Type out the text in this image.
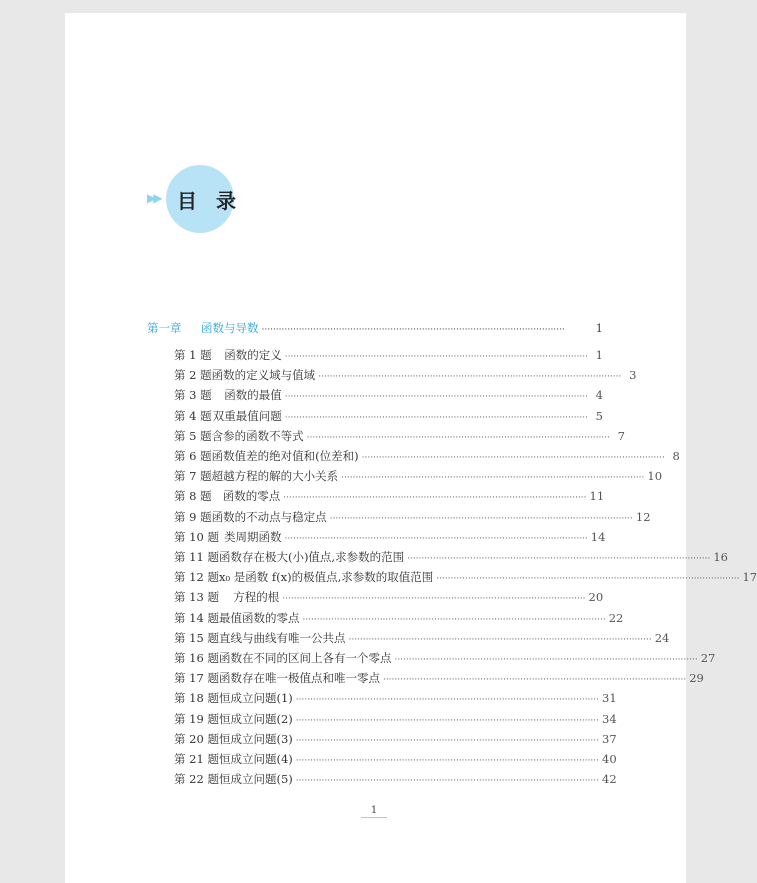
▶▶ 目 录
第一章	函数与导数 ··········································································································	1
第 1 题	函数的定义 ·········································································································· 1
第 2 题 函数的定义域与值域 ·········································································································· 3
第 3 题	函数的最值 ·········································································································· 4
第 4 题 双重最值问题 ·········································································································· 5
第 5 题 含参的函数不等式 ·········································································································· 7
第 6 题 函数值差的绝对值和(位差和) ·········································································································· 8
第 7 题 超越方程的解的大小关系 ·········································································································· 10
第 8 题 函数的零点 ·········································································································· 11
第 9 题 函数的不动点与稳定点 ·········································································································· 12
第 10 题 类周期函数 ·········································································································· 14
第 11 题 函数存在极大(小)值点,求参数的范围 ·········································································································· 16
第 12 题 x₀ 是函数 f(x)的极值点,求参数的取值范围 ·········································································································· 17
第 13 题	方程的根 ·········································································································· 20
第 14 题 最值函数的零点 ·········································································································· 22
第 15 题 直线与曲线有唯一公共点 ·········································································································· 24
第 16 题 函数在不同的区间上各有一个零点 ·········································································································· 27
第 17 题 函数存在唯一极值点和唯一零点 ·········································································································· 29
第 18 题 恒成立问题(1) ·········································································································· 31
第 19 题 恒成立问题(2) ·········································································································· 34
第 20 题 恒成立问题(3) ·········································································································· 37
第 21 题 恒成立问题(4) ·········································································································· 40
第 22 题 恒成立问题(5) ·········································································································· 42
1
